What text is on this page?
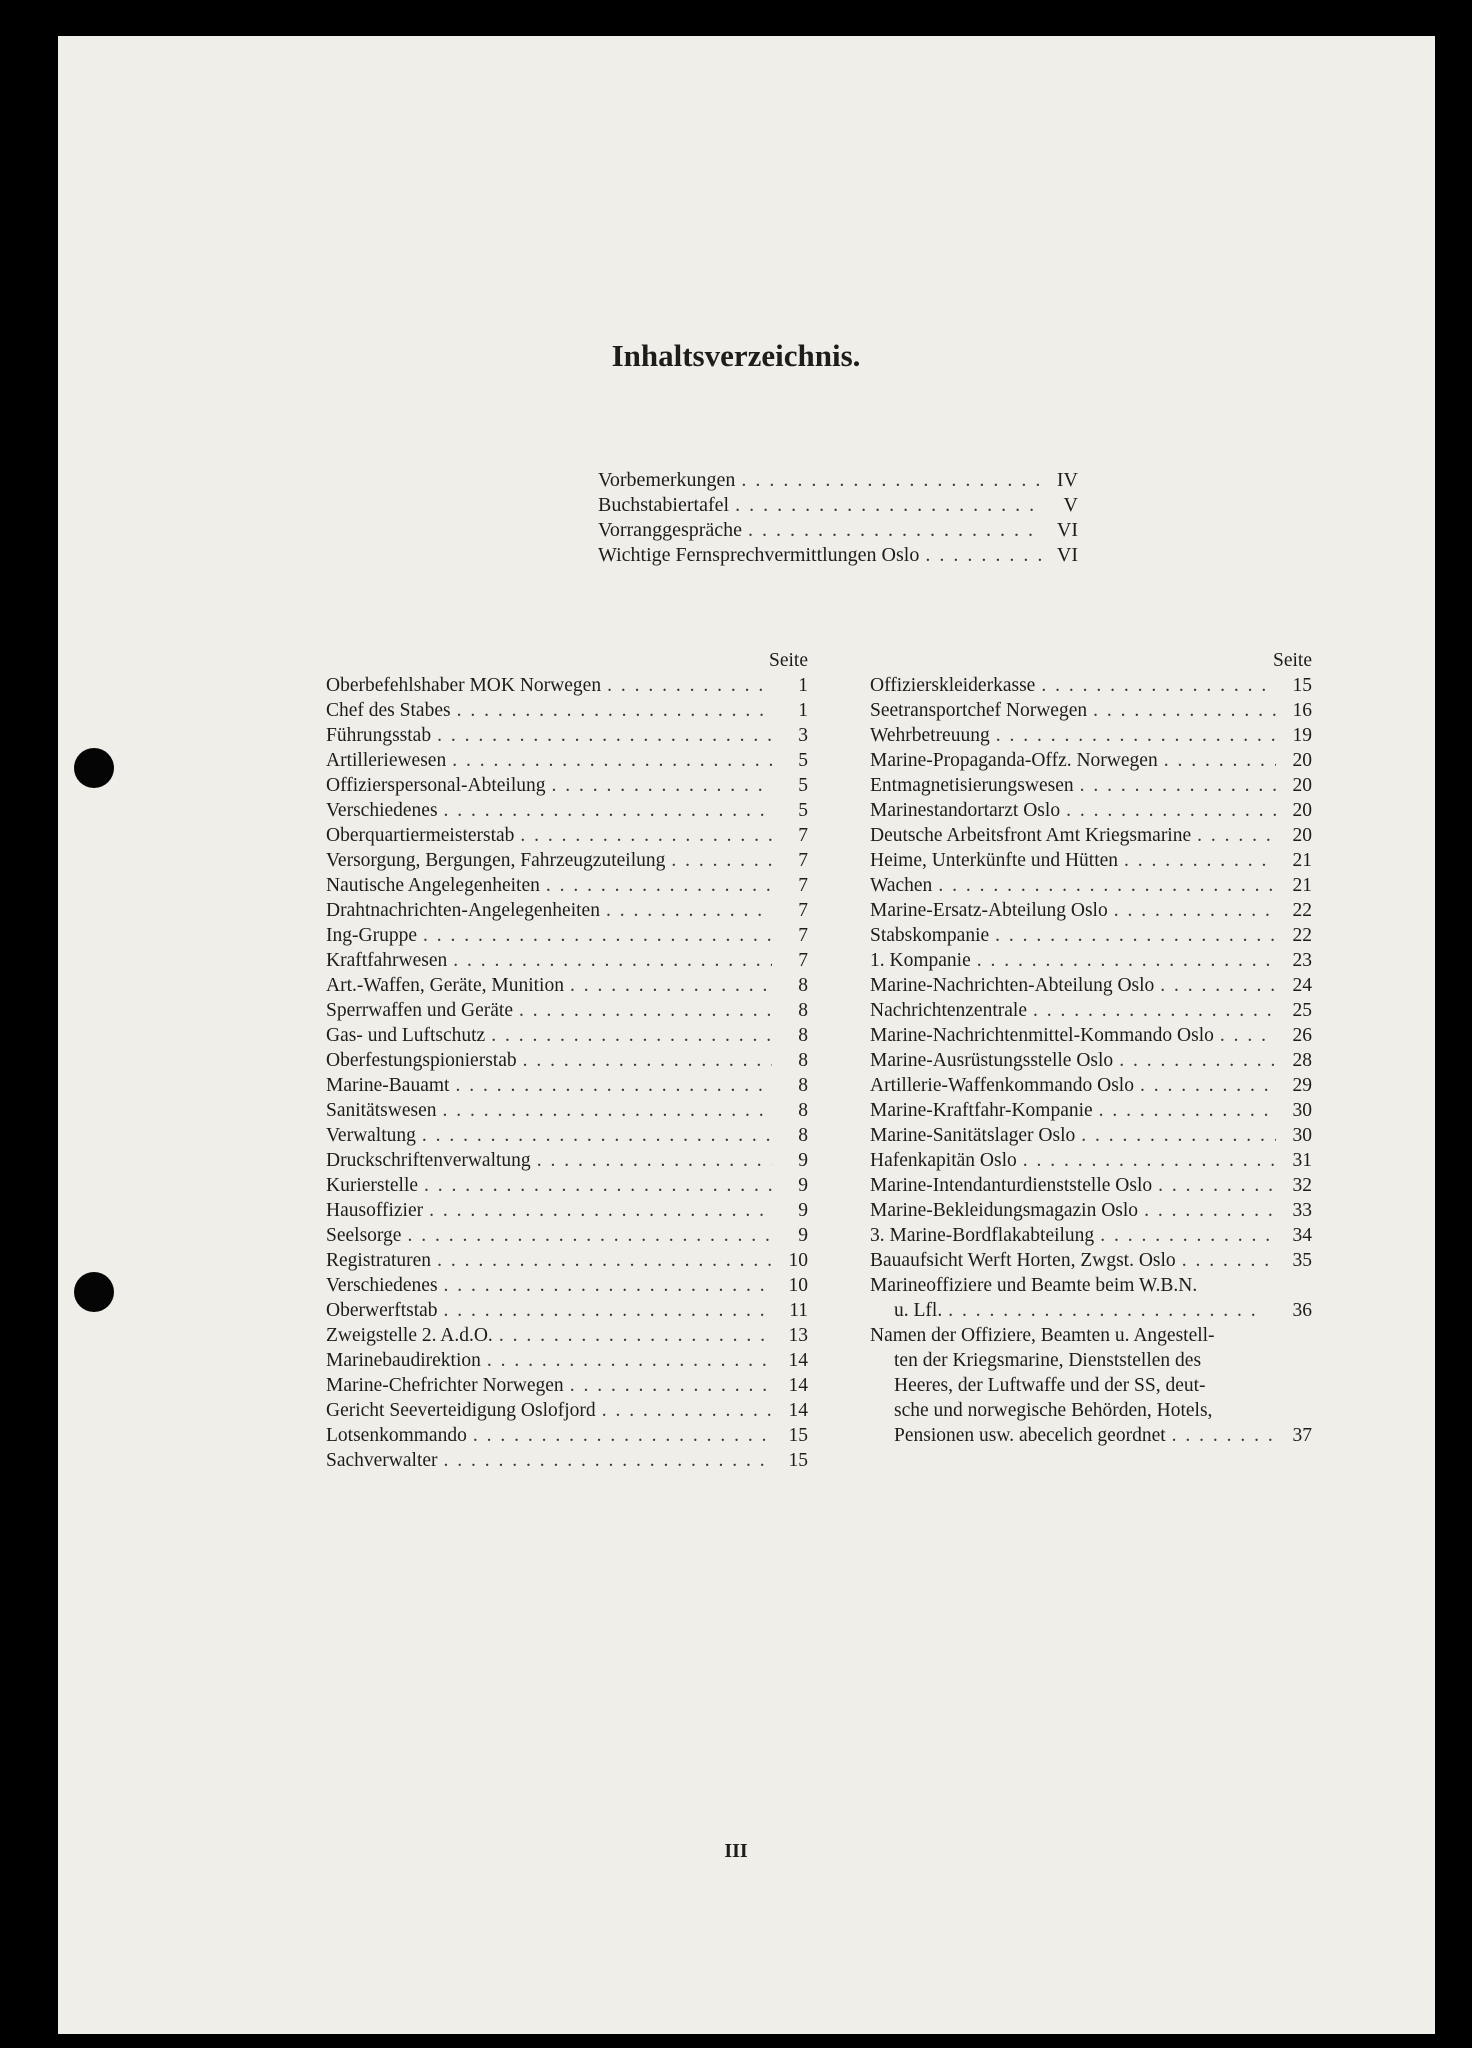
Inhaltsverzeichnis.
Vorbemerkungen . . .	IV
Buchstabiertafel . . .	V
Vorranggespräche . . .	VI
Wichtige Fernsprechvermittlungen Oslo . . .	VI
Seite
Oberbefehlshaber MOK Norwegen . . .	1
Chef des Stabes . . .	1
Führungsstab . . .	3
Artilleriewesen . . .	5
Offizierspersonal-Abteilung . . .	5
Verschiedenes . . .	5
Oberquartiermeisterstab . . .	7
Versorgung, Bergungen, Fahrzeugzuteilung . . .	7
Nautische Angelegenheiten . . .	7
Drahtnachrichten-Angelegenheiten . . .	7
Ing-Gruppe . . .	7
Kraftfahrwesen . . .	7
Art.-Waffen, Geräte, Munition . . .	8
Sperrwaffen und Geräte . . .	8
Gas- und Luftschutz . . .	8
Oberfestungspionierstab . . .	8
Marine-Bauamt . . .	8
Sanitätswesen . . .	8
Verwaltung . . .	8
Druckschriftenverwaltung . . .	9
Kurierstelle . . .	9
Hausoffizier . . .	9
Seelsorge . . .	9
Registraturen . . .	10
Verschiedenes . . .	10
Oberwerftstab . . .	11
Zweigstelle 2. A.d.O. . . .	13
Marinebaudirektion . . .	14
Marine-Chefrichter Norwegen . . .	14
Gericht Seeverteidigung Oslofjord . . .	14
Lotsenkommando . . .	15
Sachverwalter . . .	15
Seite
Offizierskleiderkasse . . .	15
Seetransportchef Norwegen . . .	16
Wehrbetreuung . . .	19
Marine-Propaganda-Offz. Norwegen . . .	20
Entmagnetisierungswesen . . .	20
Marinestandortarzt Oslo . . .	20
Deutsche Arbeitsfront Amt Kriegsmarine . . .	20
Heime, Unterkünfte und Hütten . . .	21
Wachen . . .	21
Marine-Ersatz-Abteilung Oslo . . .	22
Stabskompanie . . .	22
1. Kompanie . . .	23
Marine-Nachrichten-Abteilung Oslo . . .	24
Nachrichtenzentrale . . .	25
Marine-Nachrichtenmittel-Kommando Oslo . . .	26
Marine-Ausrüstungsstelle Oslo . . .	28
Artillerie-Waffenkommando Oslo . . .	29
Marine-Kraftfahr-Kompanie . . .	30
Marine-Sanitätslager Oslo . . .	30
Hafenkapitän Oslo . . .	31
Marine-Intendanturdienststelle Oslo . . .	32
Marine-Bekleidungsmagazin Oslo . . .	33
3. Marine-Bordflakabteilung . . .	34
Bauaufsicht Werft Horten, Zwgst. Oslo . . .	35
Marineoffiziere und Beamte beim W.B.N.
u. Lfl. . . .	36
Namen der Offiziere, Beamten u. Angestell-
ten der Kriegsmarine, Dienststellen des
Heeres, der Luftwaffe und der SS, deut-
sche und norwegische Behörden, Hotels,
Pensionen usw. abecelich geordnet . . .	37
III
